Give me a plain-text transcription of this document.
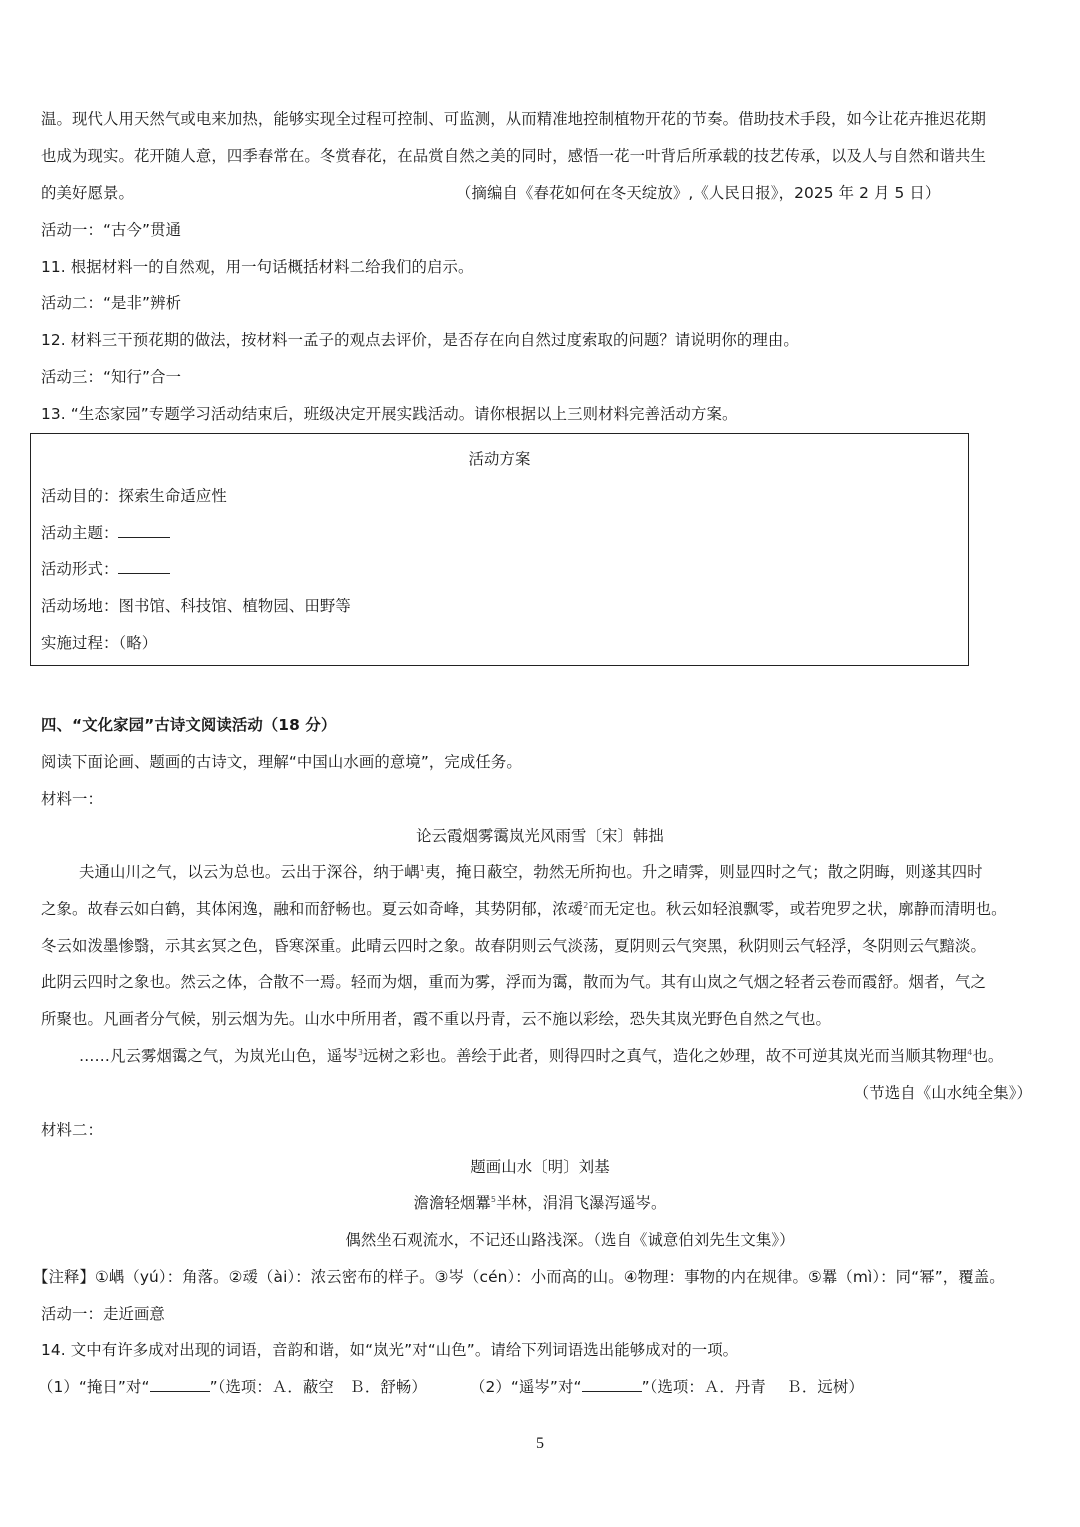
温。现代人用天然气或电来加热，能够实现全过程可控制、可监测，从而精准地控制植物开花的节奏。借助技术手段，如今让花卉推迟花期
也成为现实。花开随人意，四季春常在。冬赏春花，在品赏自然之美的同时，感悟一花一叶背后所承载的技艺传承，以及人与自然和谐共生
的美好愿景。	（摘编自《春花如何在冬天绽放》,《人民日报》，2025 年 2 月 5 日）
活动一：“古今”贯通
11. 根据材料一的自然观，用一句话概括材料二给我们的启示。
活动二：“是非”辨析
12. 材料三干预花期的做法，按材料一孟子的观点去评价，是否存在向自然过度索取的问题？请说明你的理由。
活动三：“知行”合一
13. “生态家园”专题学习活动结束后，班级决定开展实践活动。请你根据以上三则材料完善活动方案。
活动方案
活动目的：探索生命适应性
活动主题：
活动形式：
活动场地：图书馆、科技馆、植物园、田野等
实施过程：（略）
四、“文化家园”古诗文阅读活动（18 分）
阅读下面论画、题画的古诗文，理解“中国山水画的意境”，完成任务。
材料一：
论云霞烟雾霭岚光风雨雪〔宋〕韩拙
夫通山川之气，以云为总也。云出于深谷，纳于嵎$^1$夷，掩日蔽空，勃然无所拘也。升之晴霁，则显四时之气；散之阴晦，则遂其四时
之象。故春云如白鹤，其体闲逸，融和而舒畅也。夏云如奇峰，其势阴郁，浓叆$^2$而无定也。秋云如轻浪飘零，或若兜罗之状，廓静而清明也。
冬云如泼墨惨翳，示其玄冥之色，昏寒深重。此晴云四时之象。故春阴则云气淡荡，夏阴则云气突黑，秋阴则云气轻浮，冬阴则云气黯淡。
此阴云四时之象也。然云之体，合散不一焉。轻而为烟，重而为雾，浮而为霭，散而为气。其有山岚之气烟之轻者云卷而霞舒。烟者，气之
所聚也。凡画者分气候，别云烟为先。山水中所用者，霞不重以丹青，云不施以彩绘，恐失其岚光野色自然之气也。
……凡云雾烟霭之气，为岚光山色，遥岑$^3$远树之彩也。善绘于此者，则得四时之真气，造化之妙理，故不可逆其岚光而当顺其物理$^4$也。
（节选自《山水纯全集》）
材料二：
题画山水〔明〕刘基
澹澹轻烟羃$^5$半林，涓涓飞瀑泻遥岑。
偶然坐石观流水，不记还山路浅深。（选自《诚意伯刘先生文集》）
【注释】①嵎（yú）：角落。②叆（ài）：浓云密布的样子。③岑（cén）：小而高的山。④物理：事物的内在规律。⑤羃（mì）：同“幂”，覆盖。
活动一：走近画意
14. 文中有许多成对出现的词语，音韵和谐，如“岚光”对“山色”。请给下列词语选出能够成对的一项。
（1）“掩日”对“	”（选项：Ａ．蔽空　Ｂ．舒畅）	（2）“遥岑”对“	”（选项：Ａ．丹青　 Ｂ．远树）
5
